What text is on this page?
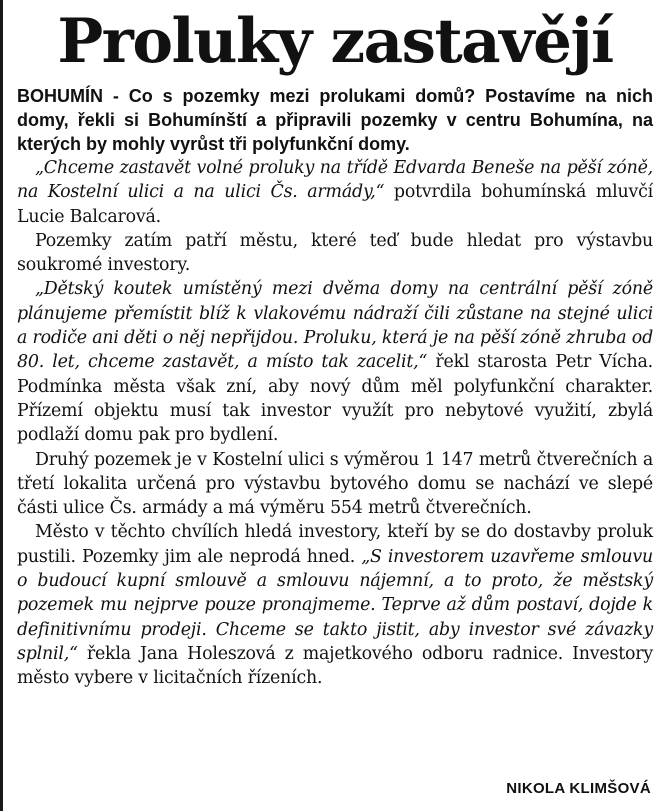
Proluky zastavějí

BOHUMÍN - Co s pozemky mezi prolukami domů? Postavíme na nich domy, řekli si Bohumínští a připravili pozemky v centru Bohumína, na kterých by mohly vyrůst tři polyfunkční domy.

„Chceme zastavět volné proluky na třídě Edvarda Beneše na pěší zóně, na Kostelní ulici a na ulici Čs. armády,“ potvrdila bohumínská mluvčí Lucie Balcarová.

Pozemky zatím patří městu, které teď bude hledat pro výstavbu soukromé investory.

„Dětský koutek umístěný mezi dvěma domy na centrální pěší zóně plánujeme přemístit blíž k vlakovému nádraží čili zůstane na stejné ulici a rodiče ani děti o něj nepřijdou. Proluku, která je na pěší zóně zhruba od 80. let, chceme zastavět, a místo tak zacelit,“ řekl starosta Petr Vícha. Podmínka města však zní, aby nový dům měl polyfunkční charakter. Přízemí objektu musí tak investor využít pro nebytové využití, zbylá podlaží domu pak pro bydlení.

Druhý pozemek je v Kostelní ulici s výměrou 1 147 metrů čtverečních a třetí lokalita určená pro výstavbu bytového domu se nachází ve slepé části ulice Čs. armády a má výměru 554 metrů čtverečních.

Město v těchto chvílích hledá investory, kteří by se do dostavby proluk pustili. Pozemky jim ale neprodá hned. „S investorem uzavřeme smlouvu o budoucí kupní smlouvě a smlouvu nájemní, a to proto, že městský pozemek mu nejprve pouze pronajmeme. Teprve až dům postaví, dojde k definitivnímu prodeji. Chceme se takto jistit, aby investor své závazky splnil,“ řekla Jana Holeszová z majetkového odboru radnice. Investory město vybere v licitačních řízeních.

NIKOLA KLIMŠOVÁ
